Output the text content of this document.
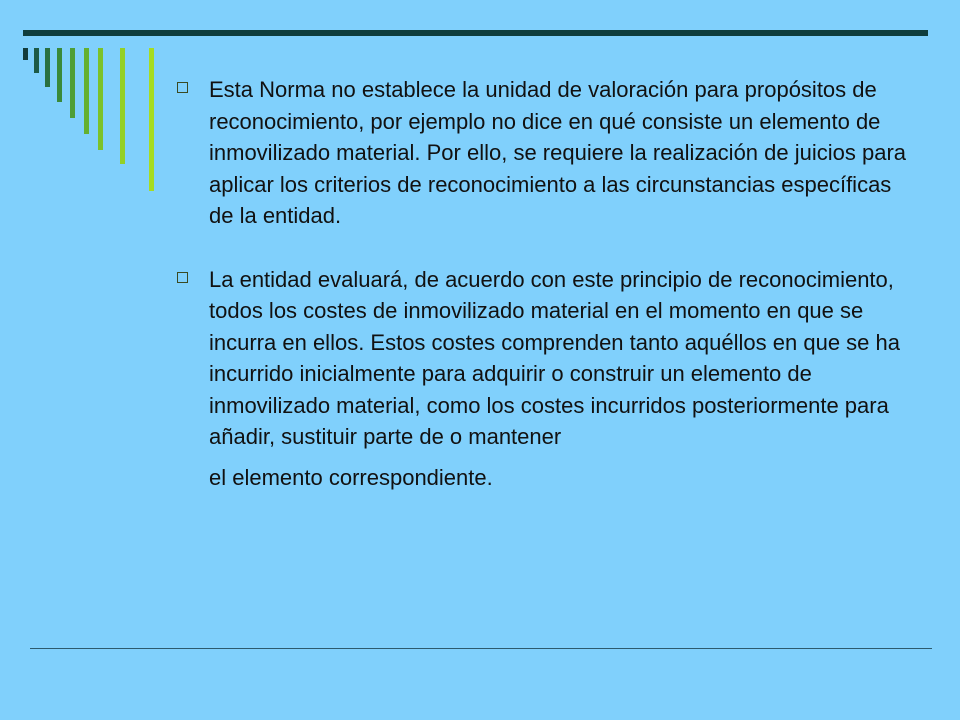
Esta Norma no establece la unidad de valoración para propósitos de reconocimiento, por ejemplo no dice en qué consiste un elemento de inmovilizado material. Por ello, se requiere la realización de juicios para aplicar los criterios de reconocimiento a las circunstancias específicas de la entidad.
La entidad evaluará, de acuerdo con este principio de reconocimiento, todos los costes de inmovilizado material en el momento en que se incurra en ellos. Estos costes comprenden tanto aquéllos en que se ha incurrido inicialmente para adquirir o construir un elemento de inmovilizado material, como los costes incurridos posteriormente para añadir, sustituir parte de o mantener
el elemento correspondiente.
